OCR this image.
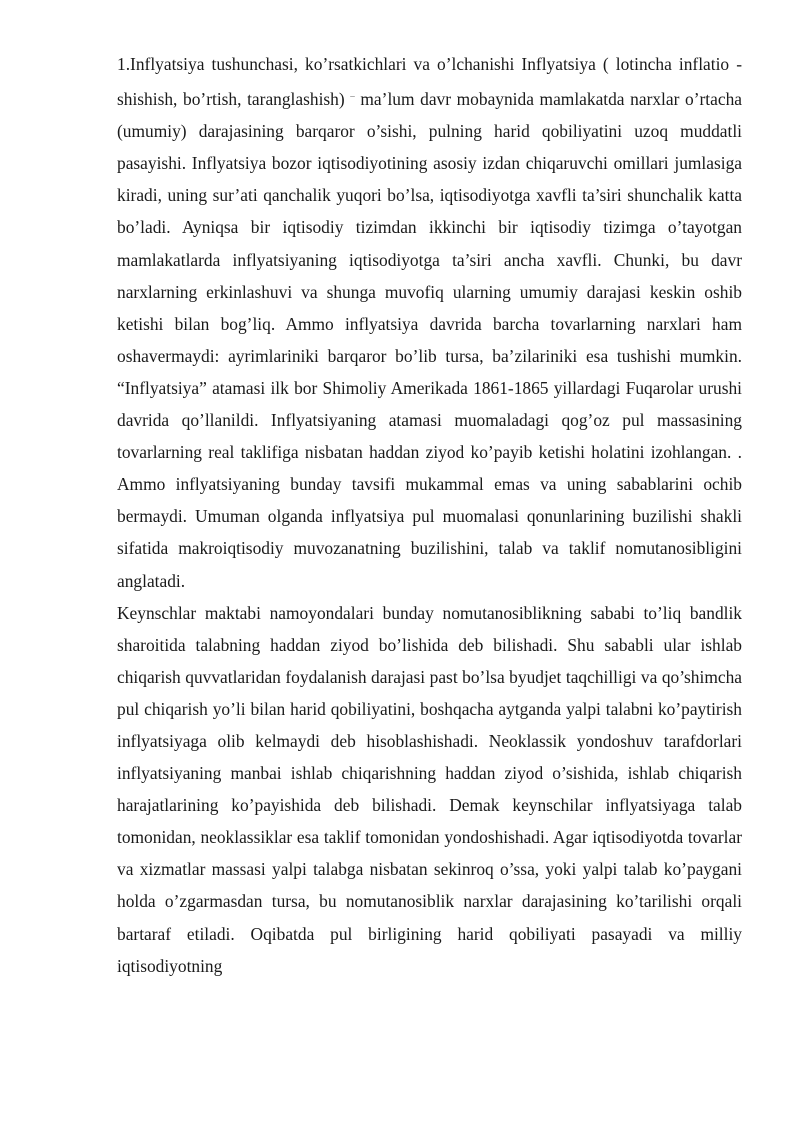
1.Inflyatsiya tushunchasi, ko’rsatkichlari va o’lchanishi Inflyatsiya ( lotincha inflatio - shishish, bo’rtish, taranglashish) – ma’lum davr mobaynida mamlakatda narxlar o’rtacha (umumiy) darajasining barqaror o’sishi, pulning harid qobiliyatini uzoq muddatli pasayishi. Inflyatsiya bozor iqtisodiyotining asosiy izdan chiqaruvchi omillari jumlasiga kiradi, uning sur’ati qanchalik yuqori bo’lsa, iqtisodiyotga xavfli ta’siri shunchalik katta bo’ladi. Ayniqsa bir iqtisodiy tizimdan ikkinchi bir iqtisodiy tizimga o’tayotgan mamlakatlarda inflyatsiyaning iqtisodiyotga ta’siri ancha xavfli. Chunki, bu davr narxlarning erkinlashuvi va shunga muvofiq ularning umumiy darajasi keskin oshib ketishi bilan bog’liq. Ammo inflyatsiya davrida barcha tovarlarning narxlari ham oshavermaydi: ayrimlariniki barqaror bo’lib tursa, ba’zilariniki esa tushishi mumkin. “Inflyatsiya” atamasi ilk bor Shimoliy Amerikada 1861-1865 yillardagi Fuqarolar urushi davrida qo’llanildi. Inflyatsiyaning atamasi muomaladagi qog’oz pul massasining tovarlarning real taklifiga nisbatan haddan ziyod ko’payib ketishi holatini izohlangan. . Ammo inflyatsiyaning bunday tavsifi mukammal emas va uning sabablarini ochib bermaydi. Umuman olganda inflyatsiya pul muomalasi qonunlarining buzilishi shakli sifatida makroiqtisodiy muvozanatning buzilishini, talab va taklif nomutanosibligini anglatadi.

Keynschlar maktabi namoyondalari bunday nomutanosiblikning sababi to’liq bandlik sharoitida talabning haddan ziyod bo’lishida deb bilishadi. Shu sababli ular ishlab chiqarish quvvatlaridan foydalanish darajasi past bo’lsa byudjet taqchilligi va qo’shimcha pul chiqarish yo’li bilan harid qobiliyatini, boshqacha aytganda yalpi talabni ko’paytirish inflyatsiyaga olib kelmaydi deb hisoblashishadi. Neoklassik yondoshuv tarafdorlari inflyatsiyaning manbai ishlab chiqarishning haddan ziyod o’sishida, ishlab chiqarish harajatlarining ko’payishida deb bilishadi. Demak keynschilar inflyatsiyaga talab tomonidan, neoklassiklar esa taklif tomonidan yondoshishadi. Agar iqtisodiyotda tovarlar va xizmatlar massasi yalpi talabga nisbatan sekinroq o’ssa, yoki yalpi talab ko’paygani holda o’zgarmasdan tursa, bu nomutanosiblik narxlar darajasining ko’tarilishi orqali bartaraf etiladi. Oqibatda pul birligining harid qobiliyati pasayadi va milliy iqtisodiyotning
